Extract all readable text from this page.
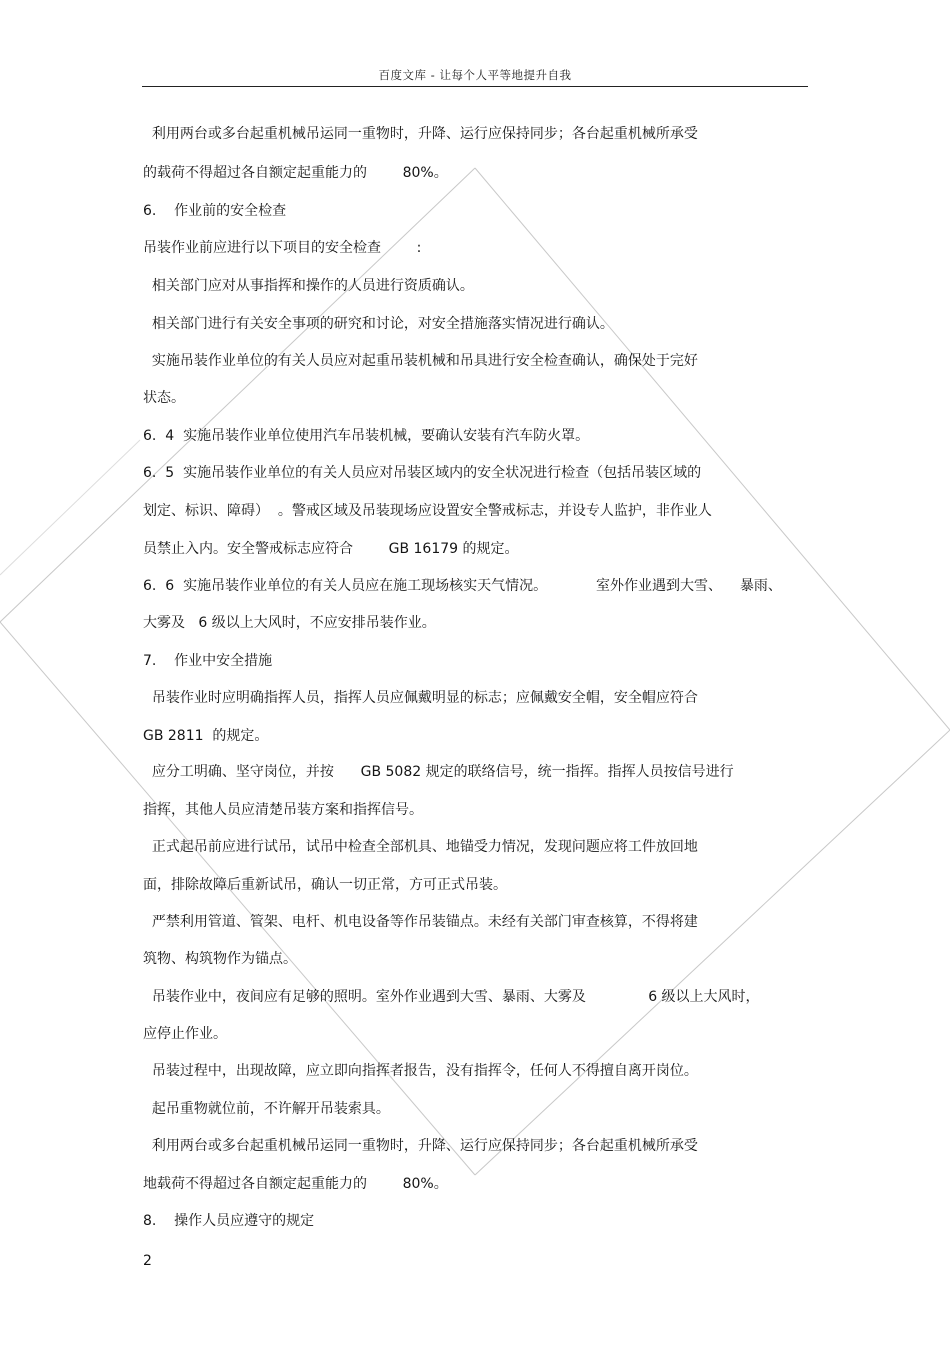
百度文库 - 让每个人平等地提升自我
利用两台或多台起重机械吊运同一重物时，升降、运行应保持同步；各台起重机械所承受
的载荷不得超过各自额定起重能力的        80%。
6.    作业前的安全检查
吊装作业前应进行以下项目的安全检查        :
相关部门应对从事指挥和操作的人员进行资质确认。
相关部门进行有关安全事项的研究和讨论，对安全措施落实情况进行确认。
实施吊装作业单位的有关人员应对起重吊装机械和吊具进行安全检查确认，确保处于完好
状态。
6.  4  实施吊装作业单位使用汽车吊装机械，要确认安装有汽车防火罩。
6.  5  实施吊装作业单位的有关人员应对吊装区域内的安全状况进行检查（包括吊装区域的
划定、标识、障碍）  。警戒区域及吊装现场应设置安全警戒标志，并设专人监护，非作业人
员禁止入内。安全警戒标志应符合        GB 16179 的规定。
6.  6  实施吊装作业单位的有关人员应在施工现场核实天气情况。           室外作业遇到大雪、    暴雨、
大雾及   6 级以上大风时，不应安排吊装作业。
7.    作业中安全措施
吊装作业时应明确指挥人员，指挥人员应佩戴明显的标志；应佩戴安全帽，安全帽应符合
GB 2811  的规定。
应分工明确、坚守岗位，并按      GB 5082 规定的联络信号，统一指挥。指挥人员按信号进行
指挥，其他人员应清楚吊装方案和指挥信号。
正式起吊前应进行试吊，试吊中检查全部机具、地锚受力情况，发现问题应将工件放回地
面，排除故障后重新试吊，确认一切正常，方可正式吊装。
严禁利用管道、管架、电杆、机电设备等作吊装锚点。未经有关部门审查核算，不得将建
筑物、构筑物作为锚点。
吊装作业中，夜间应有足够的照明。室外作业遇到大雪、暴雨、大雾及              6 级以上大风时，
应停止作业。
吊装过程中，出现故障，应立即向指挥者报告，没有指挥令，任何人不得擅自离开岗位。
起吊重物就位前，不许解开吊装索具。
利用两台或多台起重机械吊运同一重物时，升降、运行应保持同步；各台起重机械所承受
地载荷不得超过各自额定起重能力的        80%。
8.    操作人员应遵守的规定
2
